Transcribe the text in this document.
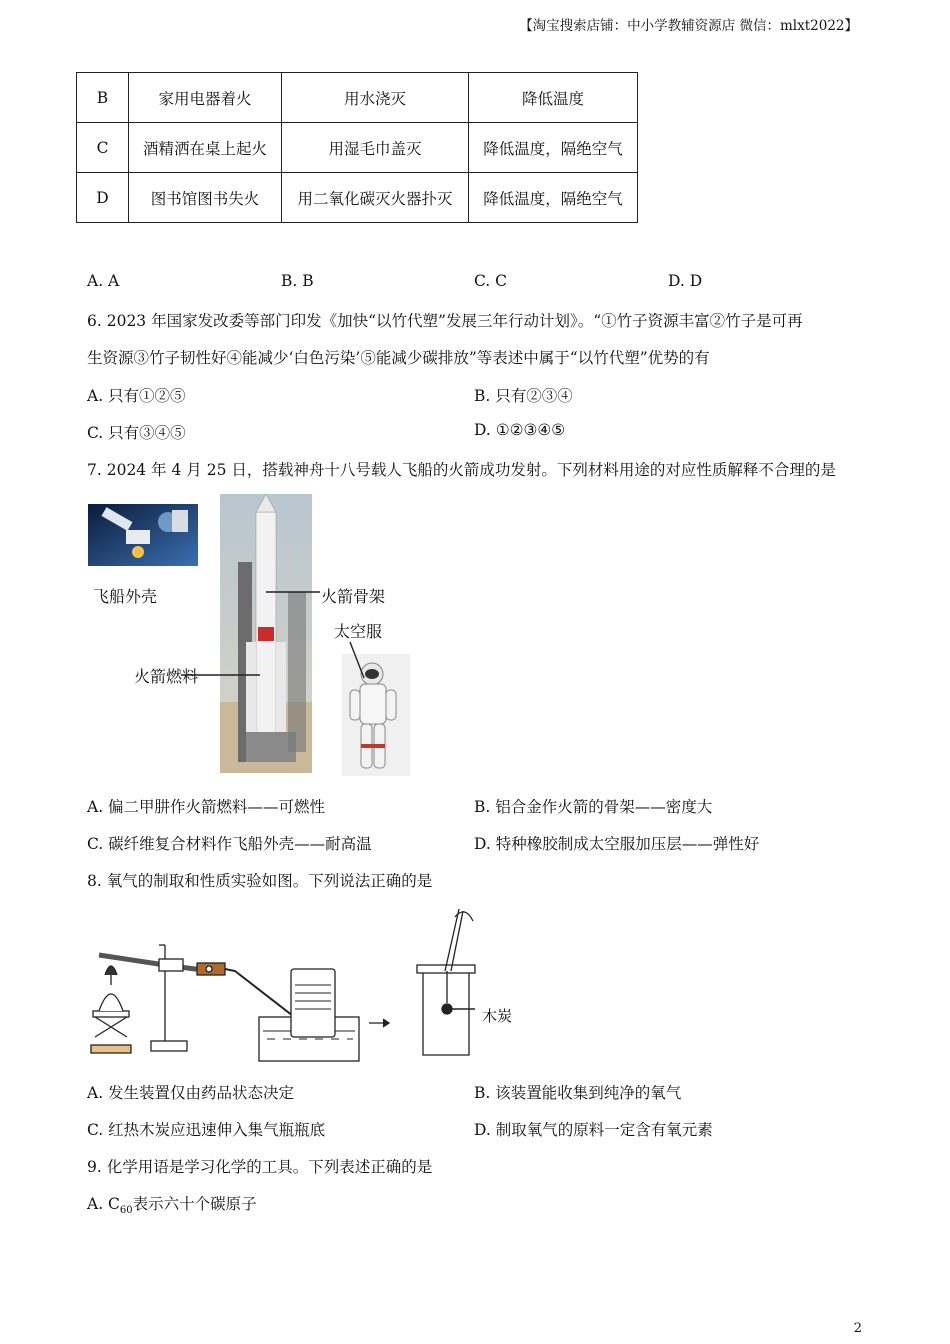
【淘宝搜索店铺：中小学教辅资源店 微信：mlxt2022】
B	家用电器着火	用水浇灭	降低温度
C	酒精洒在桌上起火	用湿毛巾盖灭	降低温度，隔绝空气
D	图书馆图书失火	用二氧化碳灭火器扑灭	降低温度，隔绝空气
A. A	B. B	C. C	D. D
6. 2023 年国家发改委等部门印发《加快“以竹代塑”发展三年行动计划》。“①竹子资源丰富②竹子是可再
生资源③竹子韧性好④能减少‘白色污染’⑤能减少碳排放”等表述中属于“以竹代塑”优势的有
A. 只有①②⑤	B. 只有②③④
C. 只有③④⑤	D. ①②③④⑤
7. 2024 年 4 月 25 日，搭载神舟十八号载人飞船的火箭成功发射。下列材料用途的对应性质解释不合理的是
飞船外壳	火箭骨架
太空服
火箭燃料
A. 偏二甲肼作火箭燃料——可燃性	B. 铝合金作火箭的骨架——密度大
C. 碳纤维复合材料作飞船外壳——耐高温	D. 特种橡胶制成太空服加压层——弹性好
8. 氧气的制取和性质实验如图。下列说法正确的是
木炭
A. 发生装置仅由药品状态决定	B. 该装置能收集到纯净的氧气
C. 红热木炭应迅速伸入集气瓶瓶底	D. 制取氧气的原料一定含有氧元素
9. 化学用语是学习化学的工具。下列表述正确的是
A. $C_{60}$表示六十个碳原子
2
